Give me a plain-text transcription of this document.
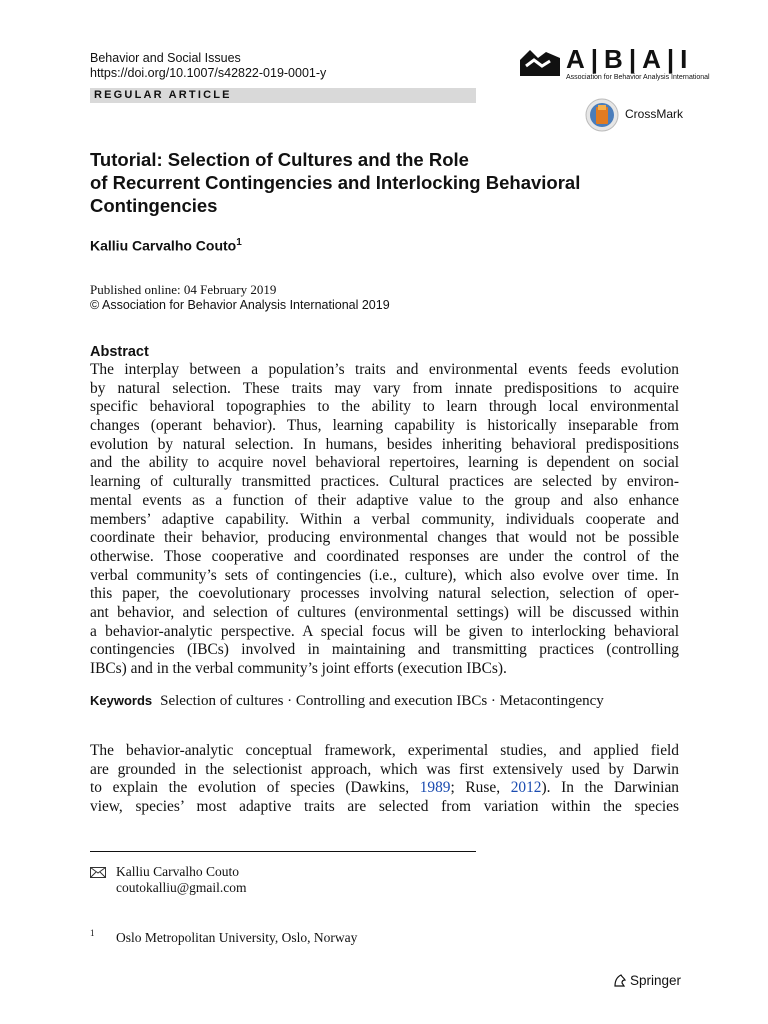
Behavior and Social Issues
https://doi.org/10.1007/s42822-019-0001-y
REGULAR ARTICLE
A|B|A|I
Association for Behavior Analysis International
CrossMark
Tutorial: Selection of Cultures and the Role
of Recurrent Contingencies and Interlocking Behavioral
Contingencies
Kalliu Carvalho Couto$^1$
Published online: 04 February 2019
© Association for Behavior Analysis International 2019
Abstract
The interplay between a population’s traits and environmental events feeds evolution
by natural selection. These traits may vary from innate predispositions to acquire
specific behavioral topographies to the ability to learn through local environmental
changes (operant behavior). Thus, learning capability is historically inseparable from
evolution by natural selection. In humans, besides inheriting behavioral predispositions
and the ability to acquire novel behavioral repertoires, learning is dependent on social
learning of culturally transmitted practices. Cultural practices are selected by environ-
mental events as a function of their adaptive value to the group and also enhance
members’ adaptive capability. Within a verbal community, individuals cooperate and
coordinate their behavior, producing environmental changes that would not be possible
otherwise. Those cooperative and coordinated responses are under the control of the
verbal community’s sets of contingencies (i.e., culture), which also evolve over time. In
this paper, the coevolutionary processes involving natural selection, selection of oper-
ant behavior, and selection of cultures (environmental settings) will be discussed within
a behavior-analytic perspective. A special focus will be given to interlocking behavioral
contingencies (IBCs) involved in maintaining and transmitting practices (controlling
IBCs) and in the verbal community’s joint efforts (execution IBCs).
Keywords Selection of cultures · Controlling and execution IBCs · Metacontingency
The behavior-analytic conceptual framework, experimental studies, and applied field
are grounded in the selectionist approach, which was first extensively used by Darwin
to explain the evolution of species (Dawkins, 1989; Ruse, 2012). In the Darwinian
view, species’ most adaptive traits are selected from variation within the species
Kalliu Carvalho Couto
coutokalliu@gmail.com
1 Oslo Metropolitan University, Oslo, Norway
Springer
